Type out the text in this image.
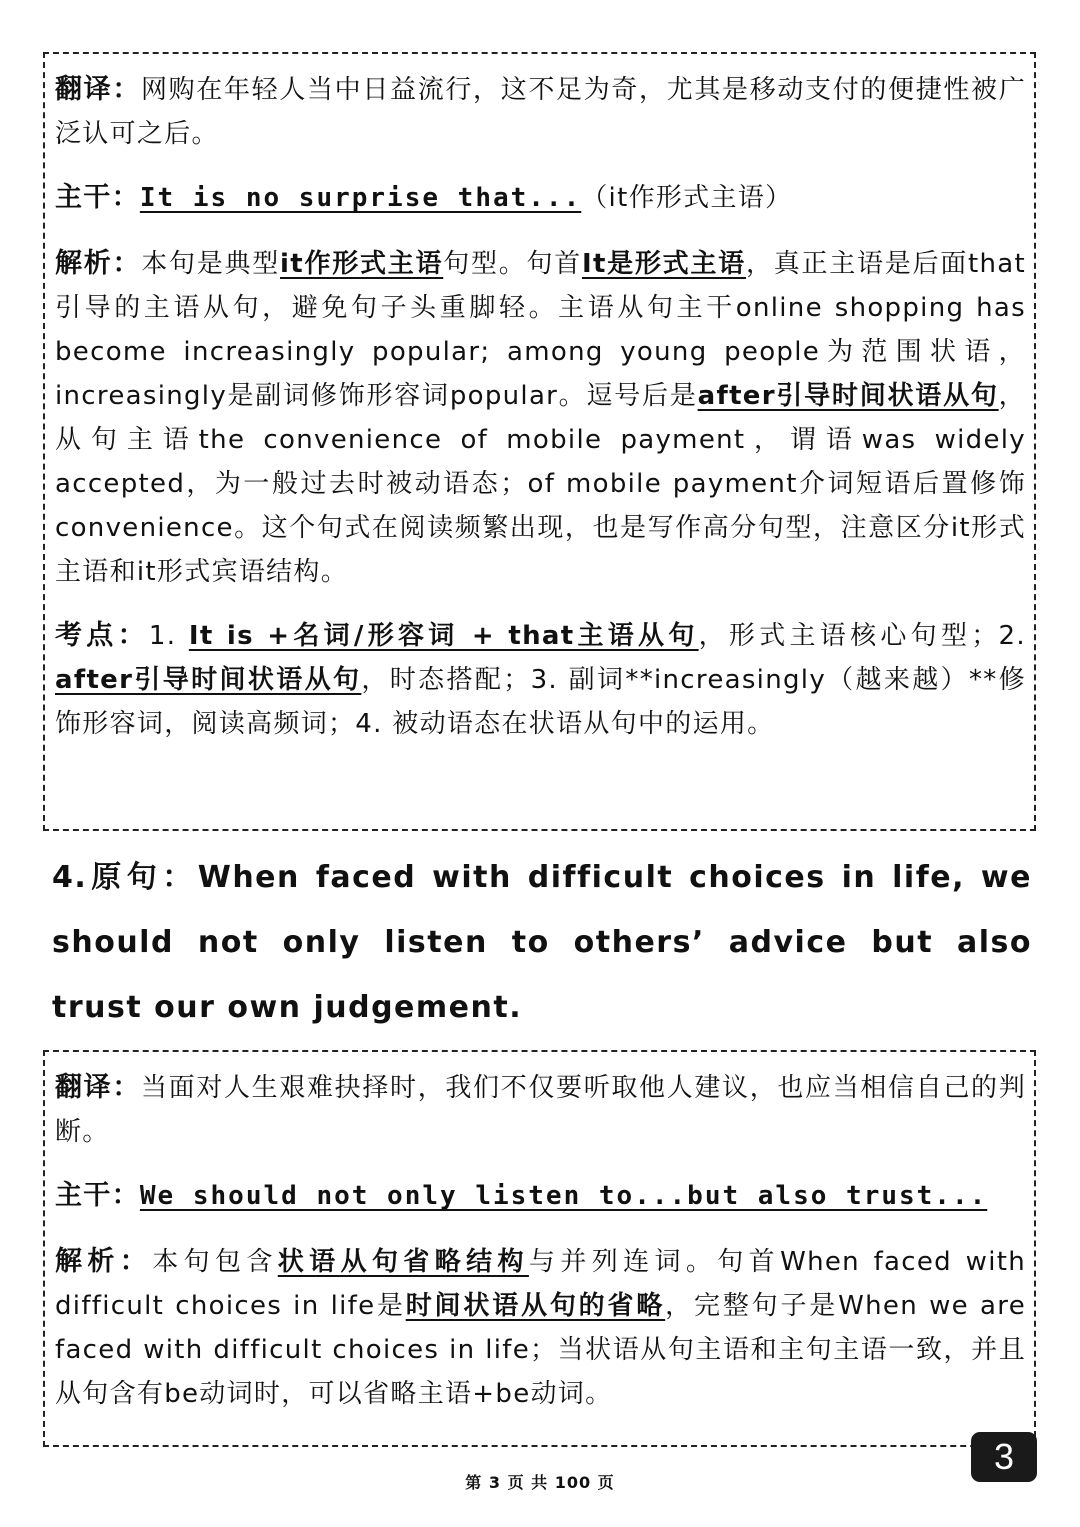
翻译：网购在年轻人当中日益流行，这不足为奇，尤其是移动支付的便捷性被广泛认可之后。

主干：It is no surprise that...（it作形式主语）

解析：本句是典型it作形式主语句型。句首It是形式主语，真正主语是后面that引导的主语从句，避免句子头重脚轻。主语从句主干online shopping has become increasingly popular; among young people为范围状语，increasingly是副词修饰形容词popular。逗号后是after引导时间状语从句，从句主语the convenience of mobile payment，谓语was widely accepted，为一般过去时被动语态；of mobile payment介词短语后置修饰convenience。这个句式在阅读频繁出现，也是写作高分句型，注意区分it形式主语和it形式宾语结构。

考点：1. It is +名词/形容词 + that主语从句，形式主语核心句型；2. after引导时间状语从句，时态搭配；3. 副词**increasingly（越来越）**修饰形容词，阅读高频词；4. 被动语态在状语从句中的运用。

4.原句：When faced with difficult choices in life, we should not only listen to others’ advice but also trust our own judgement.

翻译：当面对人生艰难抉择时，我们不仅要听取他人建议，也应当相信自己的判断。

主干：We should not only listen to...but also trust...

解析：本句包含状语从句省略结构与并列连词。句首When faced with difficult choices in life是时间状语从句的省略，完整句子是When we are faced with difficult choices in life；当状语从句主语和主句主语一致，并且从句含有be动词时，可以省略主语+be动词。

3
第 3 页 共 100 页
